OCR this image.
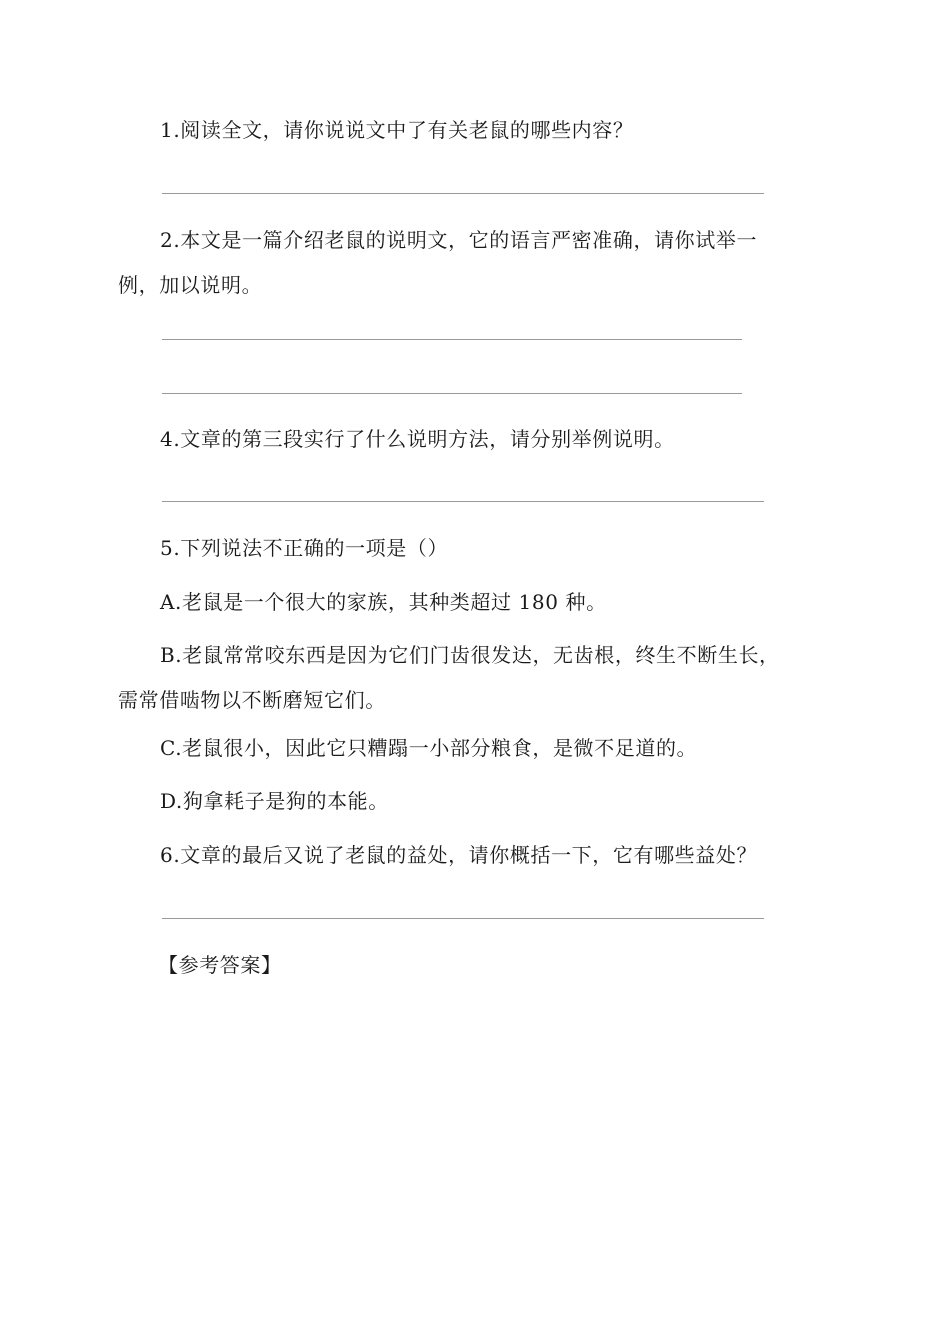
1.阅读全文，请你说说文中了有关老鼠的哪些内容？
2.本文是一篇介绍老鼠的说明文，它的语言严密准确，请你试举一
例，加以说明。
4.文章的第三段实行了什么说明方法，请分别举例说明。
5.下列说法不正确的一项是（）
A.老鼠是一个很大的家族，其种类超过 180 种。
B.老鼠常常咬东西是因为它们门齿很发达，无齿根，终生不断生长，
需常借啮物以不断磨短它们。
C.老鼠很小，因此它只糟蹋一小部分粮食，是微不足道的。
D.狗拿耗子是狗的本能。
6.文章的最后又说了老鼠的益处，请你概括一下，它有哪些益处？
【参考答案】
